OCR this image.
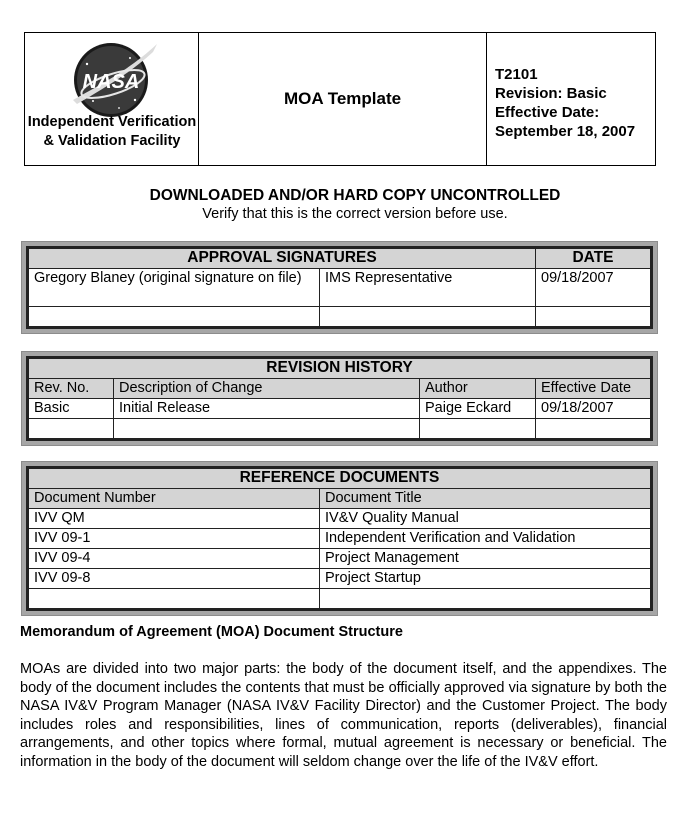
NASA
Independent Verification & Validation Facility
MOA Template
T2101
Revision: Basic
Effective Date:
September 18, 2007
DOWNLOADED AND/OR HARD COPY UNCONTROLLED
Verify that this is the correct version before use.
APPROVAL SIGNATURES		DATE
Gregory Blaney (original signature on file)	IMS Representative	09/18/2007

REVISION HISTORY			
Rev. No.	Description of Change	Author	Effective Date
Basic	Initial Release	Paige Eckard	09/18/2007

REFERENCE DOCUMENTS	
Document Number	Document Title
IVV QM	IV&V Quality Manual
IVV 09-1	Independent Verification and Validation
IVV 09-4	Project Management
IVV 09-8	Project Startup

Memorandum of Agreement (MOA) Document Structure
MOAs are divided into two major parts: the body of the document itself, and the appendixes. The body of the document includes the contents that must be officially approved via signature by both the NASA IV&V Program Manager (NASA IV&V Facility Director) and the Customer Project. The body includes roles and responsibilities, lines of communication, reports (deliverables), financial arrangements, and other topics where formal, mutual agreement is necessary or beneficial. The information in the body of the document will seldom change over the life of the IV&V effort.
